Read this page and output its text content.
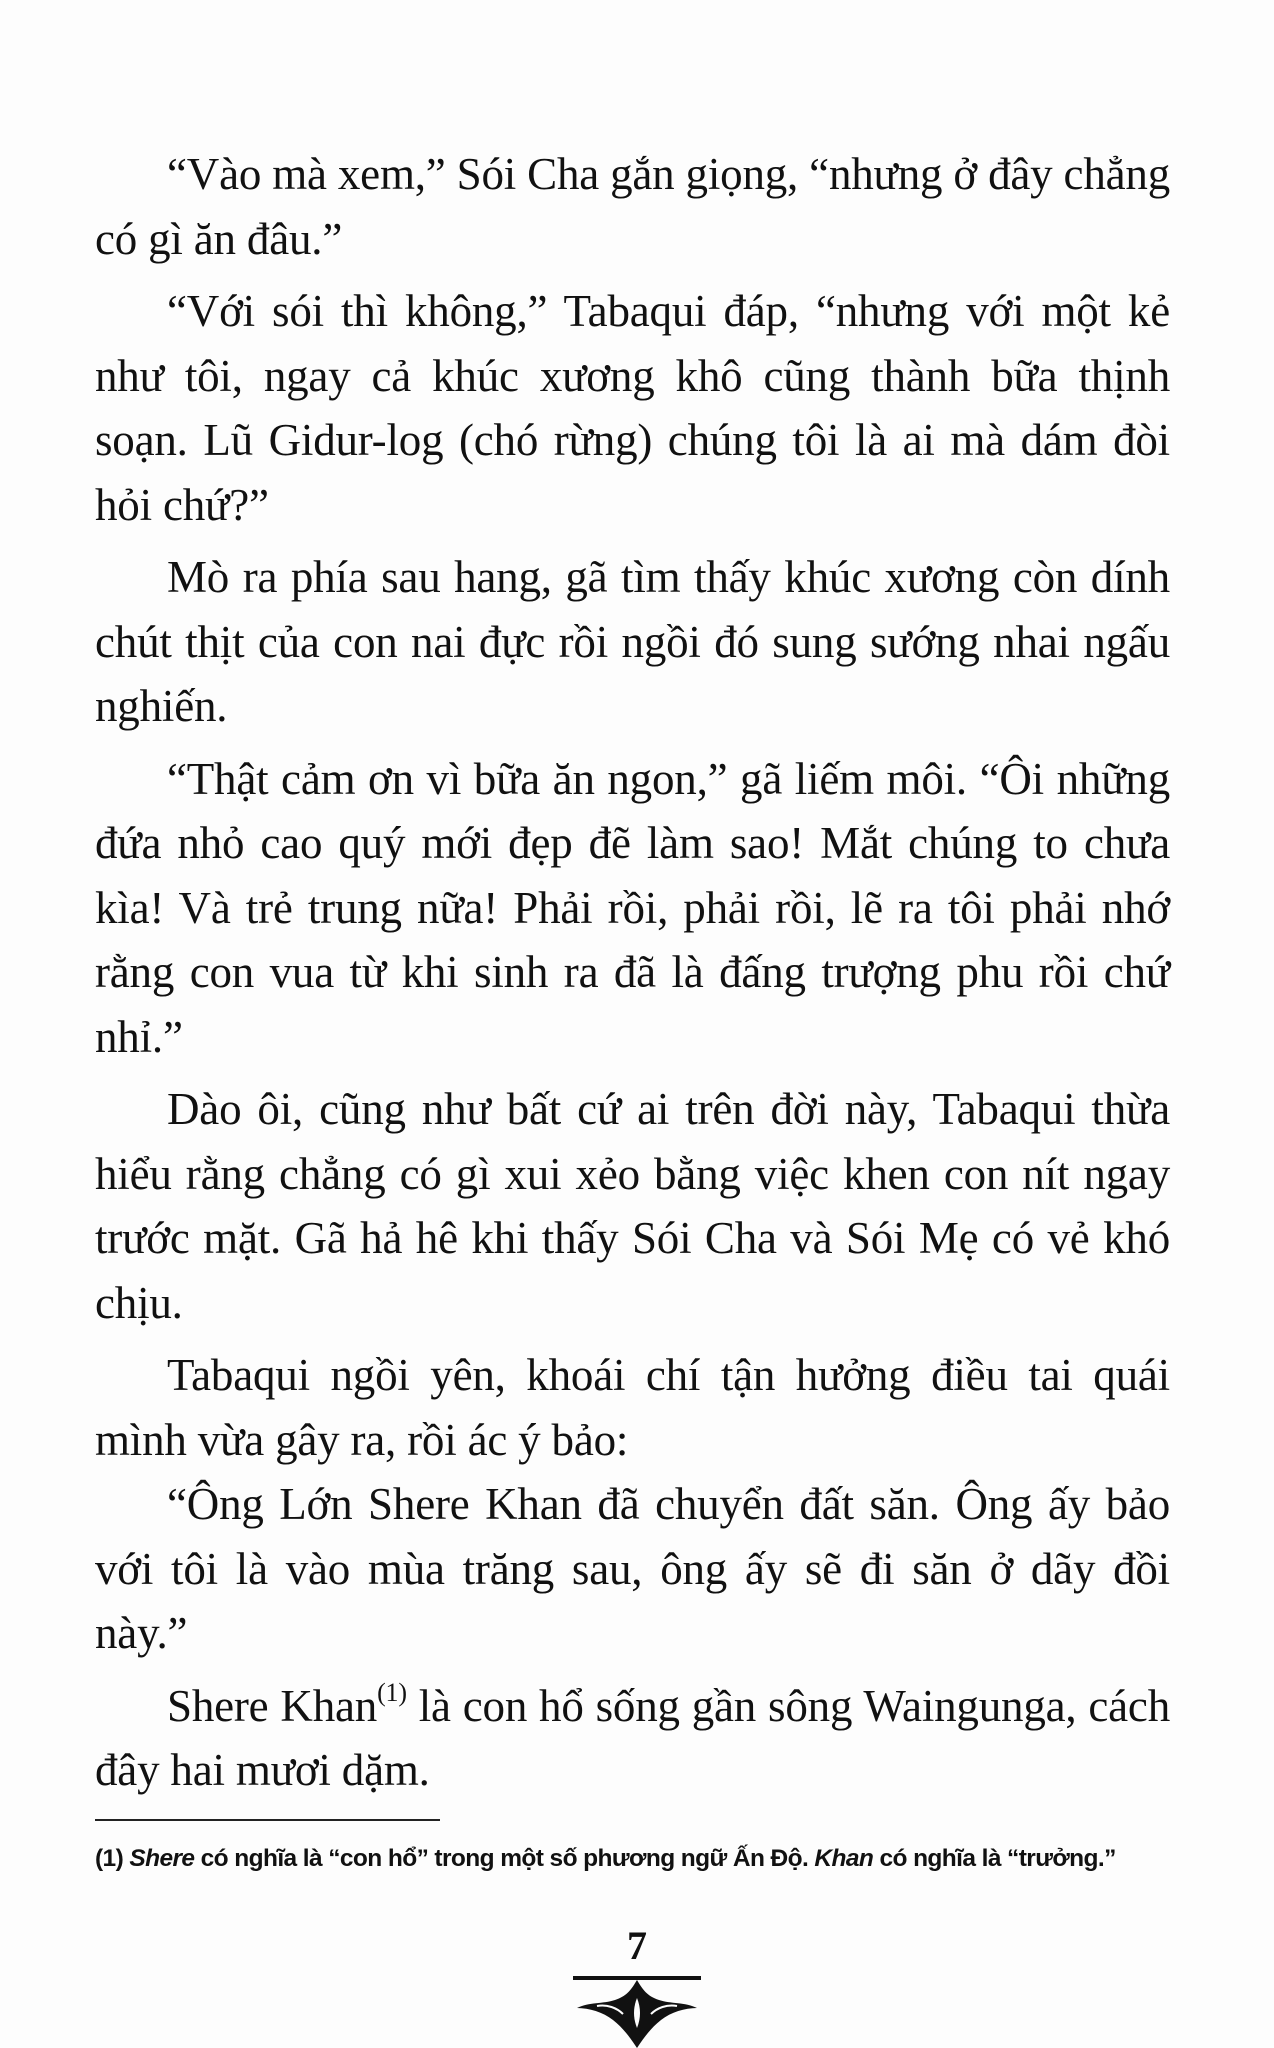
“Vào mà xem,” Sói Cha gắn giọng, “nhưng ở đây chẳng có gì ăn đâu.”

“Với sói thì không,” Tabaqui đáp, “nhưng với một kẻ như tôi, ngay cả khúc xương khô cũng thành bữa thịnh soạn. Lũ Gidur-log (chó rừng) chúng tôi là ai mà dám đòi hỏi chứ?”

Mò ra phía sau hang, gã tìm thấy khúc xương còn dính chút thịt của con nai đực rồi ngồi đó sung sướng nhai ngấu nghiến.

“Thật cảm ơn vì bữa ăn ngon,” gã liếm môi. “Ôi những đứa nhỏ cao quý mới đẹp đẽ làm sao! Mắt chúng to chưa kìa! Và trẻ trung nữa! Phải rồi, phải rồi, lẽ ra tôi phải nhớ rằng con vua từ khi sinh ra đã là đấng trượng phu rồi chứ nhỉ.”

Dào ôi, cũng như bất cứ ai trên đời này, Tabaqui thừa hiểu rằng chẳng có gì xui xẻo bằng việc khen con nít ngay trước mặt. Gã hả hê khi thấy Sói Cha và Sói Mẹ có vẻ khó chịu.

Tabaqui ngồi yên, khoái chí tận hưởng điều tai quái mình vừa gây ra, rồi ác ý bảo:

“Ông Lớn Shere Khan đã chuyển đất săn. Ông ấy bảo với tôi là vào mùa trăng sau, ông ấy sẽ đi săn ở dãy đồi này.”

Shere Khan$^{(1)}$ là con hổ sống gần sông Waingunga, cách đây hai mươi dặm.

(1) Shere có nghĩa là “con hổ” trong một số phương ngữ Ấn Độ. Khan có nghĩa là “trưởng.”
7
